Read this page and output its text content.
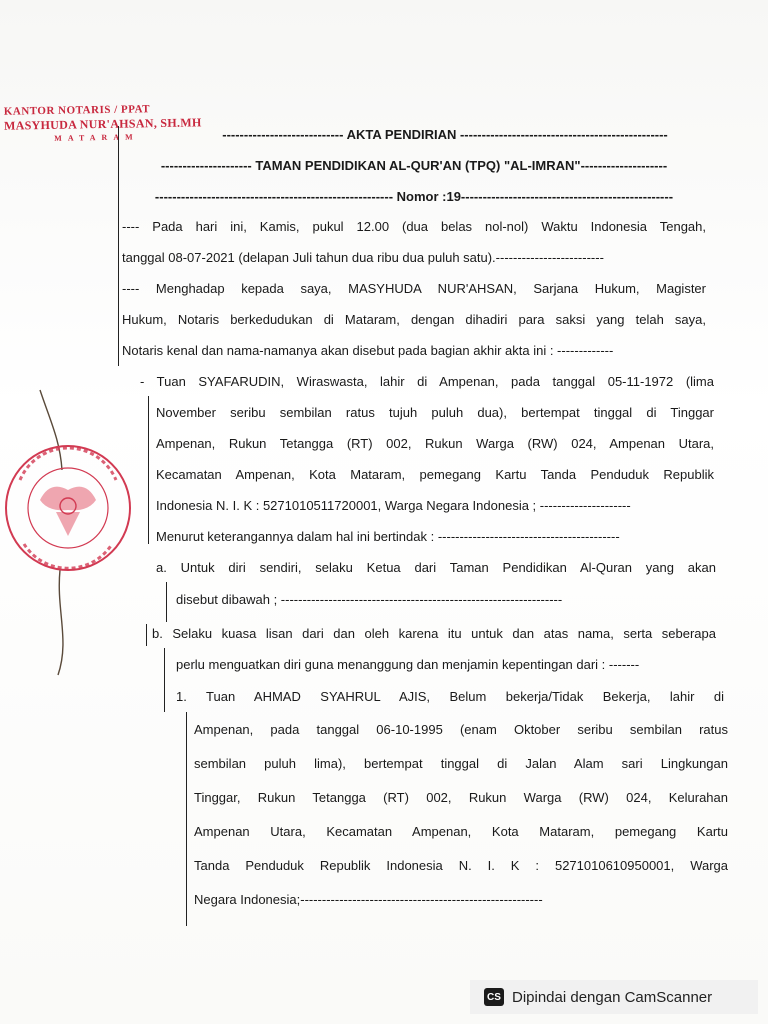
KANTOR NOTARIS / PPAT
MASYHUDA NUR'AHSAN, SH.MH
MATARAM	---------------------------- AKTA PENDIRIAN ------------------------------------------------
--------------------- TAMAN PENDIDIKAN AL-QUR'AN (TPQ) "AL-IMRAN"--------------------
------------------------------------------------------- Nomor :19-------------------------------------------------
---- Pada hari ini, Kamis, pukul 12.00 (dua belas nol-nol) Waktu Indonesia Tengah,
tanggal 08-07-2021 (delapan Juli tahun dua ribu dua puluh satu).-------------------------
---- Menghadap kepada saya, MASYHUDA NUR'AHSAN, Sarjana Hukum, Magister
Hukum, Notaris berkedudukan di Mataram, dengan dihadiri para saksi yang telah saya,
Notaris kenal dan nama-namanya akan disebut pada bagian akhir akta ini : -------------
- Tuan SYAFARUDIN, Wiraswasta, lahir di Ampenan, pada tanggal 05-11-1972 (lima
November seribu sembilan ratus tujuh puluh dua), bertempat tinggal di Tinggar
Ampenan, Rukun Tetangga (RT) 002, Rukun Warga (RW) 024, Ampenan Utara,
Kecamatan Ampenan, Kota Mataram, pemegang Kartu Tanda Penduduk Republik
Indonesia N. I. K : 5271010511720001, Warga Negara Indonesia ; ---------------------
Menurut keterangannya dalam hal ini bertindak : ------------------------------------------
a. Untuk diri sendiri, selaku Ketua dari Taman Pendidikan Al-Quran yang akan
disebut dibawah ; -----------------------------------------------------------------
b. Selaku kuasa lisan dari dan oleh karena itu untuk dan atas nama, serta seberapa
perlu menguatkan diri guna menanggung dan menjamin kepentingan dari : -------
1. Tuan AHMAD SYAHRUL AJIS, Belum bekerja/Tidak Bekerja, lahir di
Ampenan, pada tanggal 06-10-1995 (enam Oktober seribu sembilan ratus
sembilan puluh lima), bertempat tinggal di Jalan Alam sari Lingkungan
Tinggar, Rukun Tetangga (RT) 002, Rukun Warga (RW) 024, Kelurahan
Ampenan Utara, Kecamatan Ampenan, Kota Mataram, pemegang Kartu
Tanda Penduduk Republik Indonesia N. I. K : 5271010610950001, Warga
Negara Indonesia;--------------------------------------------------------
CS Dipindai dengan CamScanner
